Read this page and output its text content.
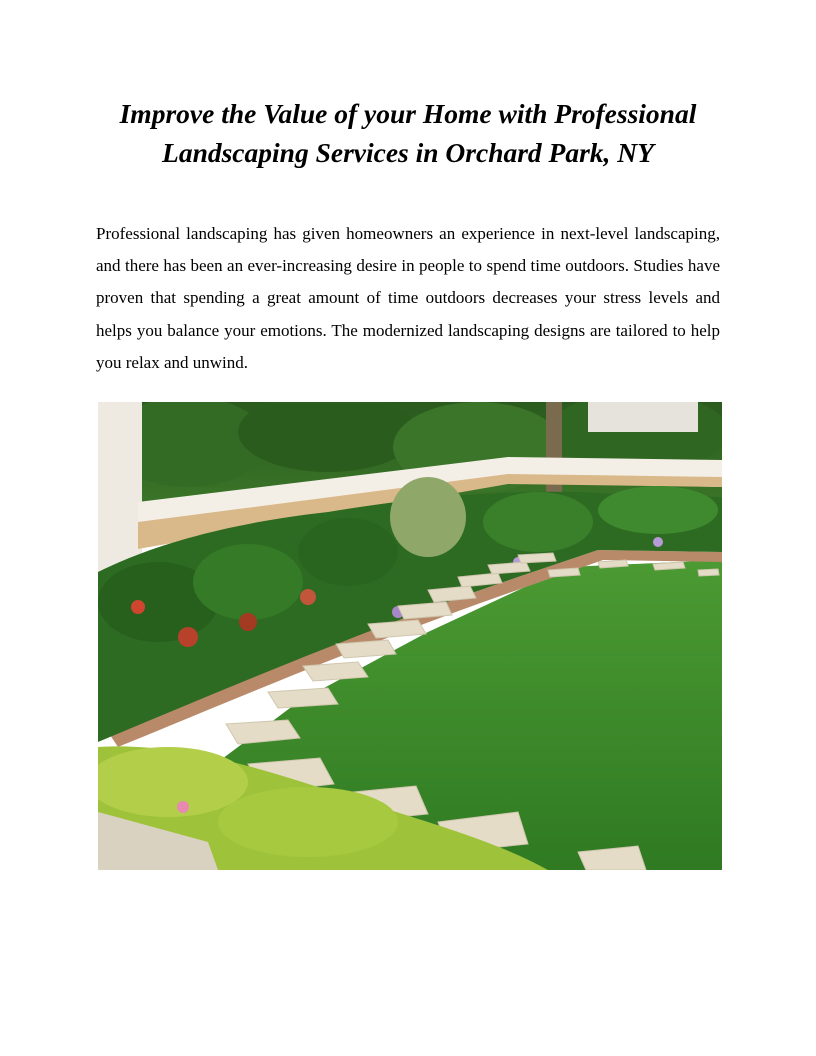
Improve the Value of your Home with Professional Landscaping Services in Orchard Park, NY

Professional landscaping has given homeowners an experience in next-level landscaping, and there has been an ever-increasing desire in people to spend time outdoors. Studies have proven that spending a great amount of time outdoors decreases your stress levels and helps you balance your emotions. The modernized landscaping designs are tailored to help you relax and unwind.
